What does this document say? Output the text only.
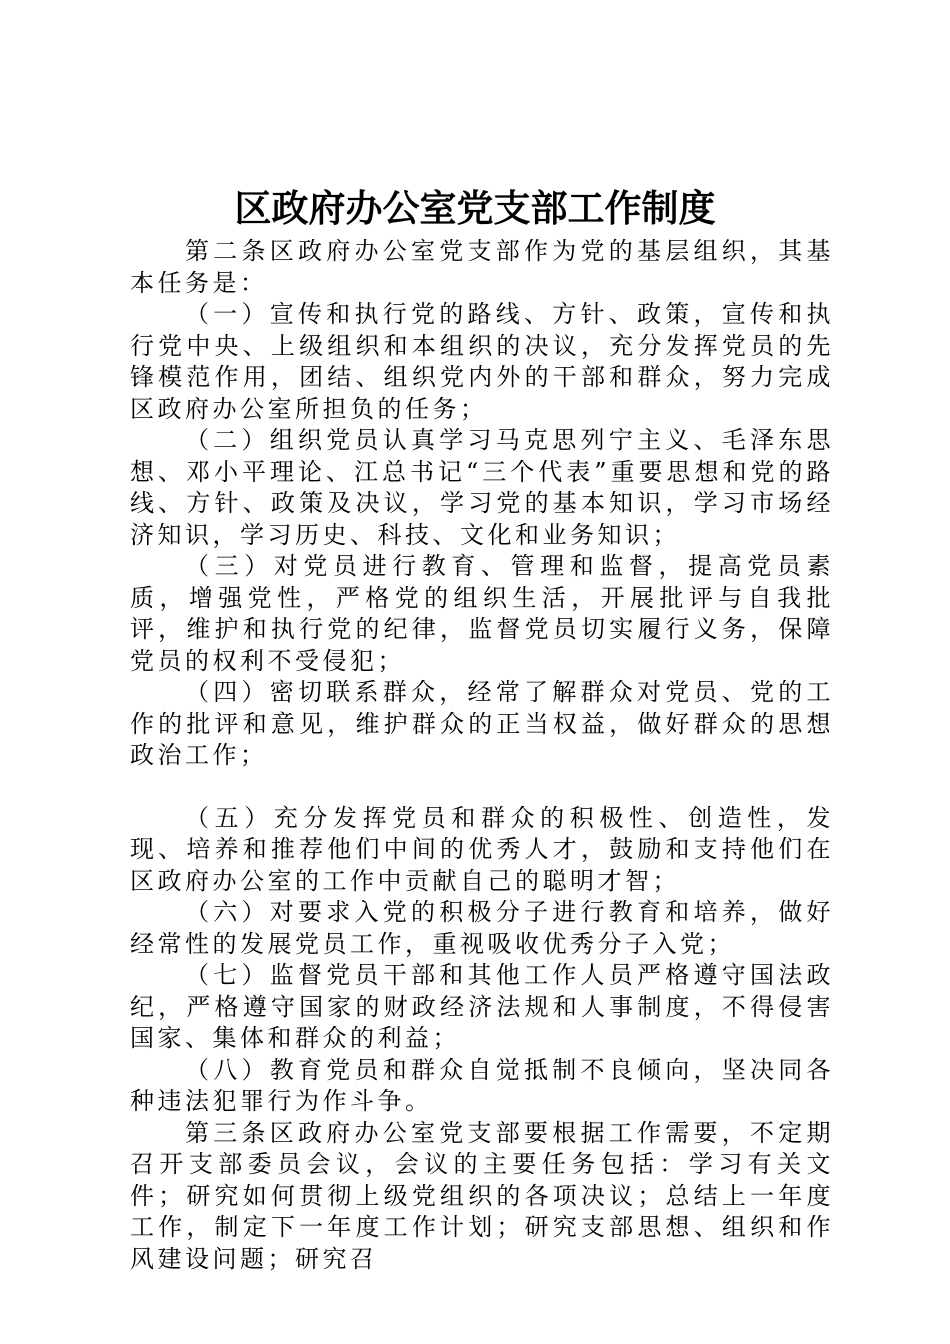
区政府办公室党支部工作制度

第二条区政府办公室党支部作为党的基层组织，其基本任务是：

（一）宣传和执行党的路线、方针、政策，宣传和执行党中央、上级组织和本组织的决议，充分发挥党员的先锋模范作用，团结、组织党内外的干部和群众，努力完成区政府办公室所担负的任务；

（二）组织党员认真学习马克思列宁主义、毛泽东思想、邓小平理论、江总书记“三个代表”重要思想和党的路线、方针、政策及决议，学习党的基本知识，学习市场经济知识，学习历史、科技、文化和业务知识；

（三）对党员进行教育、管理和监督，提高党员素质，增强党性，严格党的组织生活，开展批评与自我批评，维护和执行党的纪律，监督党员切实履行义务，保障党员的权利不受侵犯；

（四）密切联系群众，经常了解群众对党员、党的工作的批评和意见，维护群众的正当权益，做好群众的思想政治工作；

（五）充分发挥党员和群众的积极性、创造性，发现、培养和推荐他们中间的优秀人才，鼓励和支持他们在区政府办公室的工作中贡献自己的聪明才智；

（六）对要求入党的积极分子进行教育和培养，做好经常性的发展党员工作，重视吸收优秀分子入党；

（七）监督党员干部和其他工作人员严格遵守国法政纪，严格遵守国家的财政经济法规和人事制度，不得侵害国家、集体和群众的利益；

（八）教育党员和群众自觉抵制不良倾向，坚决同各种违法犯罪行为作斗争。

第三条区政府办公室党支部要根据工作需要，不定期召开支部委员会议，会议的主要任务包括：学习有关文件；研究如何贯彻上级党组织的各项决议；总结上一年度工作，制定下一年度工作计划；研究支部思想、组织和作风建设问题；研究召
